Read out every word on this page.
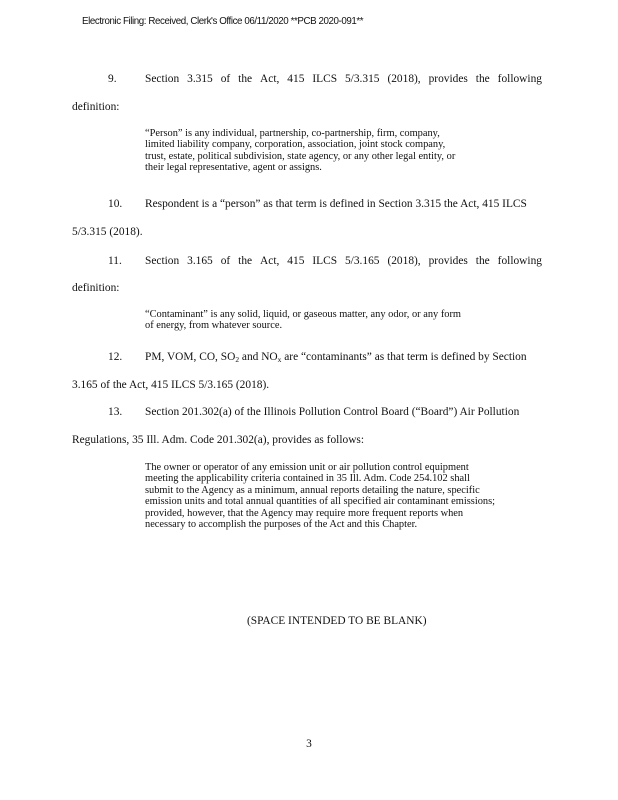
Electronic Filing: Received, Clerk's Office 06/11/2020 **PCB 2020-091**
9.	Section 3.315 of the Act, 415 ILCS 5/3.315 (2018), provides the following
definition:
“Person” is any individual, partnership, co-partnership, firm, company,
limited liability company, corporation, association, joint stock company,
trust, estate, political subdivision, state agency, or any other legal entity, or
their legal representative, agent or assigns.
10.	Respondent is a “person” as that term is defined in Section 3.315 the Act, 415 ILCS
5/3.315 (2018).
11.	Section 3.165 of the Act, 415 ILCS 5/3.165 (2018), provides the following
definition:
“Contaminant” is any solid, liquid, or gaseous matter, any odor, or any form
of energy, from whatever source.
12.	PM, VOM, CO, $SO_2$ and $NO_x$ are “contaminants” as that term is defined by Section
3.165 of the Act, 415 ILCS 5/3.165 (2018).
13.	Section 201.302(a) of the Illinois Pollution Control Board (“Board”) Air Pollution
Regulations, 35 Ill. Adm. Code 201.302(a), provides as follows:
The owner or operator of any emission unit or air pollution control equipment
meeting the applicability criteria contained in 35 Ill. Adm. Code 254.102 shall
submit to the Agency as a minimum, annual reports detailing the nature, specific
emission units and total annual quantities of all specified air contaminant emissions;
provided, however, that the Agency may require more frequent reports when
necessary to accomplish the purposes of the Act and this Chapter.
(SPACE INTENDED TO BE BLANK)
3
